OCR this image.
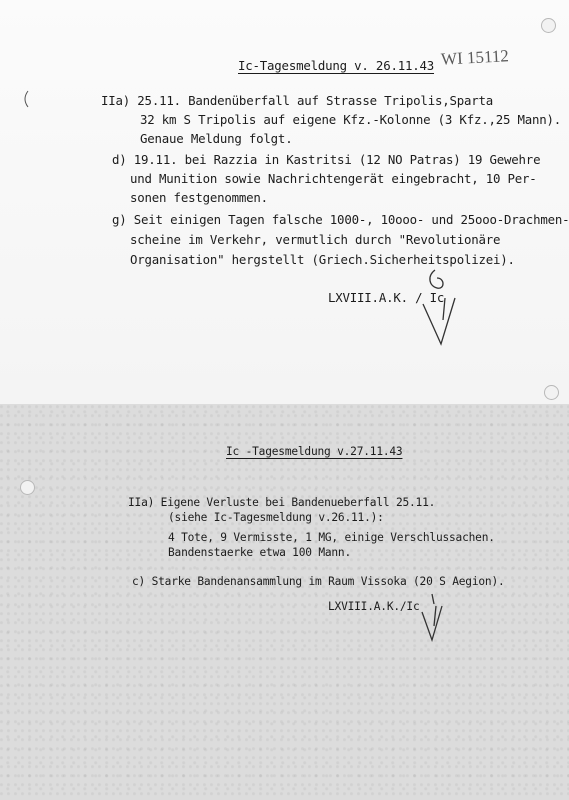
Ic-Tagesmeldung v. 26.11.43 WI 15112
IIa) 25.11. Bandenüberfall auf Strasse Tripolis,Sparta
32 km S Tripolis auf eigene Kfz.-Kolonne (3 Kfz.,25 Mann).
Genaue Meldung folgt.
d) 19.11. bei Razzia in Kastritsi (12 NO Patras) 19 Gewehre
und Munition sowie Nachrichtengerät eingebracht, 10 Per-
sonen festgenommen.
g) Seit einigen Tagen falsche 1000-, 10ooo- und 25ooo-Drachmen-
scheine im Verkehr, vermutlich durch "Revolutionäre
Organisation" hergstellt (Griech.Sicherheitspolizei).
LXVIII.A.K. / Ic
Ic -Tagesmeldung v.27.11.43
IIa) Eigene Verluste bei Bandenueberfall 25.11.
(siehe Ic-Tagesmeldung v.26.11.):
4 Tote, 9 Vermisste, 1 MG, einige Verschlussachen.
Bandenstaerke etwa 100 Mann.
c) Starke Bandenansammlung im Raum Vissoka (20 S Aegion).
LXVIII.A.K./Ic
